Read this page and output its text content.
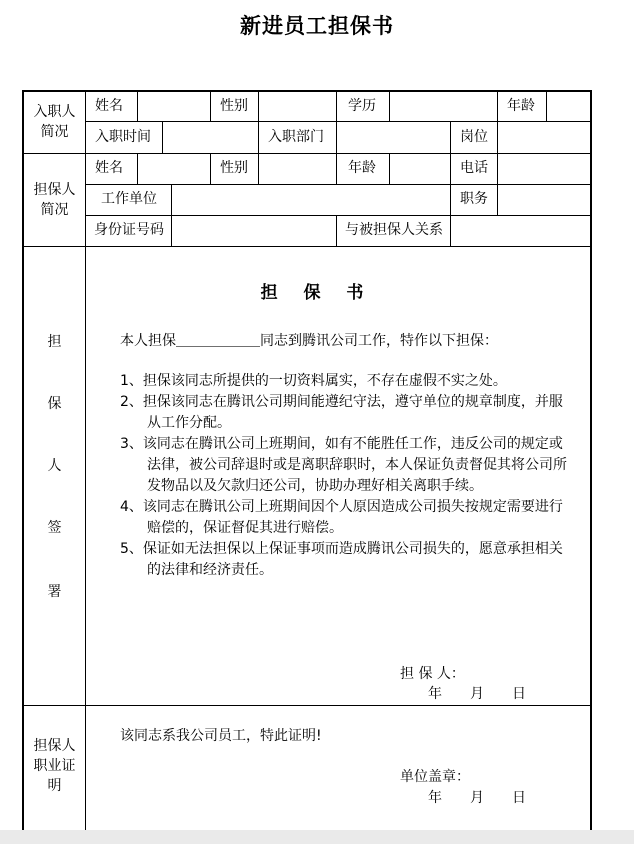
新进员工担保书
入职人
简况
担保人
简况
姓名	性别	学历	年龄
入职时间	入职部门	岗位
姓名	性别	年龄	电话
工作单位	职务
身份证号码	与被担保人关系
担
保
人
签
署
担 保 书
本人担保＿＿＿＿＿＿同志到腾讯公司工作，特作以下担保：
1、担保该同志所提供的一切资料属实，不存在虚假不实之处。
2、担保该同志在腾讯公司期间能遵纪守法，遵守单位的规章制度，并服
从工作分配。
3、该同志在腾讯公司上班期间，如有不能胜任工作，违反公司的规定或
法律，被公司辞退时或是离职辞职时，本人保证负责督促其将公司所
发物品以及欠款归还公司，协助办理好相关离职手续。
4、该同志在腾讯公司上班期间因个人原因造成公司损失按规定需要进行
赔偿的，保证督促其进行赔偿。
5、保证如无法担保以上保证事项而造成腾讯公司损失的，愿意承担相关
的法律和经济责任。
担 保 人：
年 月 日
担保人
职业证
明
该同志系我公司员工，特此证明!
单位盖章：
年 月 日
